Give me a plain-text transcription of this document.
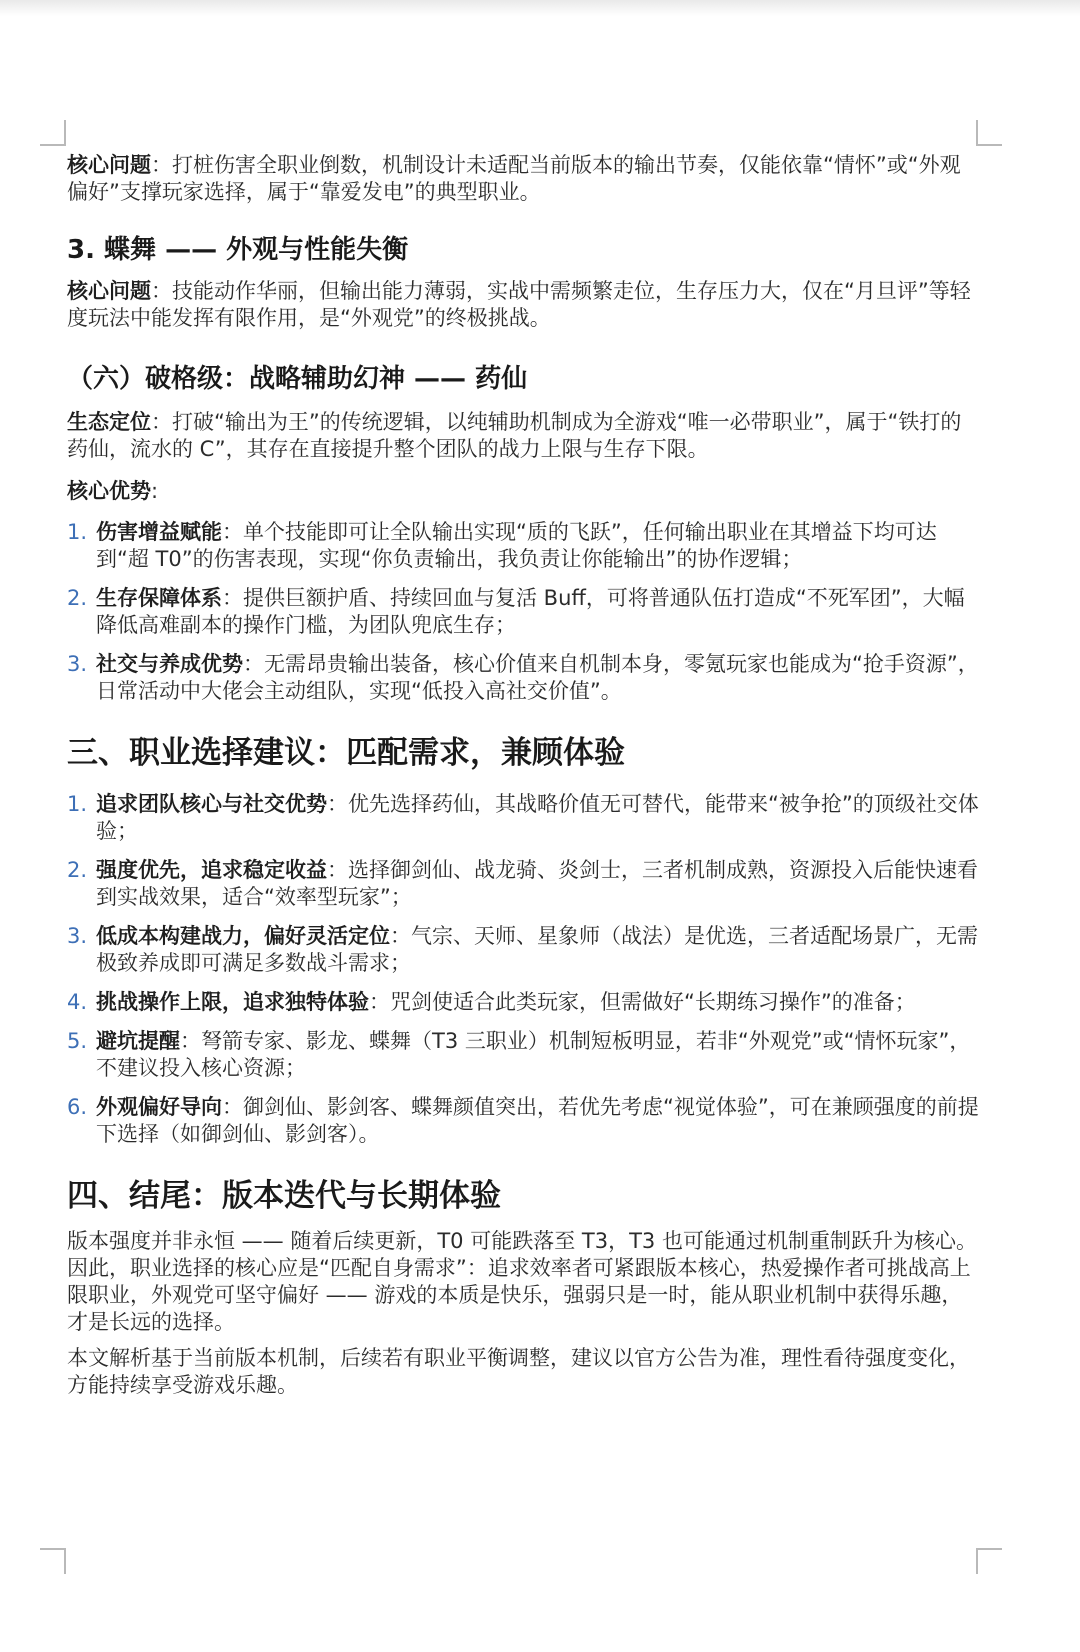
核心问题：打桩伤害全职业倒数，机制设计未适配当前版本的输出节奏，仅能依靠“情怀”或“外观偏好”支撑玩家选择，属于“靠爱发电”的典型职业。

3. 蝶舞 —— 外观与性能失衡

核心问题：技能动作华丽，但输出能力薄弱，实战中需频繁走位，生存压力大，仅在“月旦评”等轻度玩法中能发挥有限作用，是“外观党”的终极挑战。

（六）破格级：战略辅助幻神 —— 药仙

生态定位：打破“输出为王”的传统逻辑，以纯辅助机制成为全游戏“唯一必带职业”，属于“铁打的药仙，流水的 C”，其存在直接提升整个团队的战力上限与生存下限。

核心优势:

1. 伤害增益赋能：单个技能即可让全队输出实现“质的飞跃”，任何输出职业在其增益下均可达到“超 T0”的伤害表现，实现“你负责输出，我负责让你能输出”的协作逻辑；
2. 生存保障体系：提供巨额护盾、持续回血与复活 Buff，可将普通队伍打造成“不死军团”，大幅降低高难副本的操作门槛，为团队兜底生存；
3. 社交与养成优势：无需昂贵输出装备，核心价值来自机制本身，零氪玩家也能成为“抢手资源”，日常活动中大佬会主动组队，实现“低投入高社交价值”。
三、职业选择建议：匹配需求，兼顾体验
1. 追求团队核心与社交优势：优先选择药仙，其战略价值无可替代，能带来“被争抢”的顶级社交体验；
2. 强度优先，追求稳定收益：选择御剑仙、战龙骑、炎剑士，三者机制成熟，资源投入后能快速看到实战效果，适合“效率型玩家”；
3. 低成本构建战力，偏好灵活定位：气宗、天师、星象师（战法）是优选，三者适配场景广，无需极致养成即可满足多数战斗需求；
4. 挑战操作上限，追求独特体验：咒剑使适合此类玩家，但需做好“长期练习操作”的准备；
5. 避坑提醒：弩箭专家、影龙、蝶舞（T3 三职业）机制短板明显，若非“外观党”或“情怀玩家”，不建议投入核心资源；
6. 外观偏好导向：御剑仙、影剑客、蝶舞颜值突出，若优先考虑“视觉体验”，可在兼顾强度的前提下选择（如御剑仙、影剑客）。
四、结尾：版本迭代与长期体验

版本强度并非永恒 —— 随着后续更新，T0 可能跌落至 T3，T3 也可能通过机制重制跃升为核心。因此，职业选择的核心应是“匹配自身需求”：追求效率者可紧跟版本核心，热爱操作者可挑战高上限职业，外观党可坚守偏好 —— 游戏的本质是快乐，强弱只是一时，能从职业机制中获得乐趣，才是长远的选择。

本文解析基于当前版本机制，后续若有职业平衡调整，建议以官方公告为准，理性看待强度变化，方能持续享受游戏乐趣。
